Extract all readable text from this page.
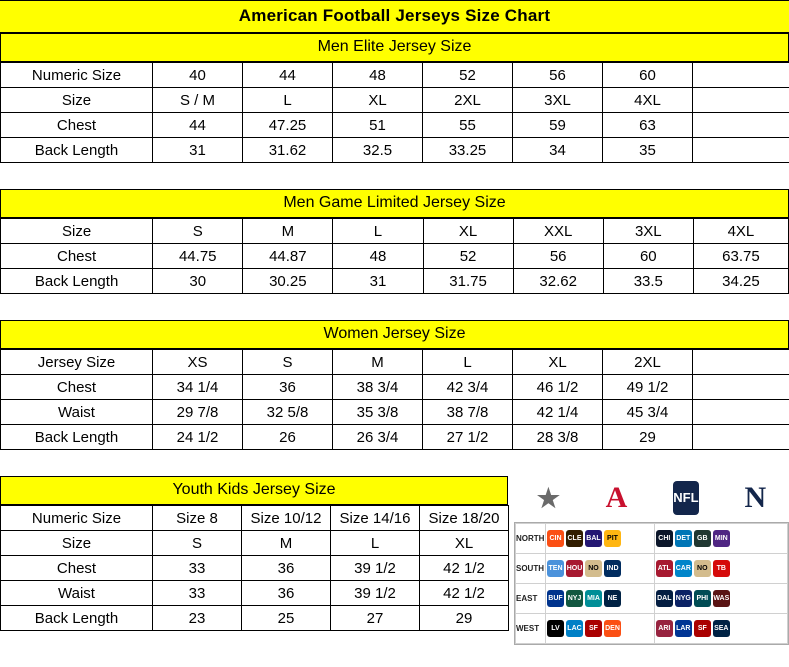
American Football Jerseys Size Chart
Men Elite Jersey Size
Numeric Size	40	44	48	52	56	60	
Size	S / M	L	XL	2XL	3XL	4XL	
Chest	44	47.25	51	55	59	63	
Back Length	31	31.62	32.5	33.25	34	35	
Men Game Limited Jersey Size
Size	S	M	L	XL	XXL	3XL	4XL
Chest	44.75	44.87	48	52	56	60	63.75
Back Length	30	30.25	31	31.75	32.62	33.5	34.25
Women Jersey Size
Jersey Size	XS	S	M	L	XL	2XL	
Chest	34 1/4	36	38 3/4	42 3/4	46 1/2	49 1/2	
Waist	29 7/8	32 5/8	35 3/8	38 7/8	42 1/4	45 3/4	
Back Length	24 1/2	26	26 3/4	27 1/2	28 3/8	29	
Youth Kids Jersey Size
Numeric Size	Size 8	Size 10/12	Size 14/16	Size 18/20
Size	S	M	L	XL
Chest	33	36	39 1/2	42 1/2
Waist	33	36	39 1/2	42 1/2
Back Length	23	25	27	29
★ A	NFL N
NORTH	CIN CLE BAL PIT	CHI DET GB MIN

SOUTH	TEN HOU NO IND	ATL CAR NO TB

EAST	BUF NYJ MIA NE	DAL NYG PHI WAS

WEST	LV LAC SF DEN	ARI LAR SF SEA
